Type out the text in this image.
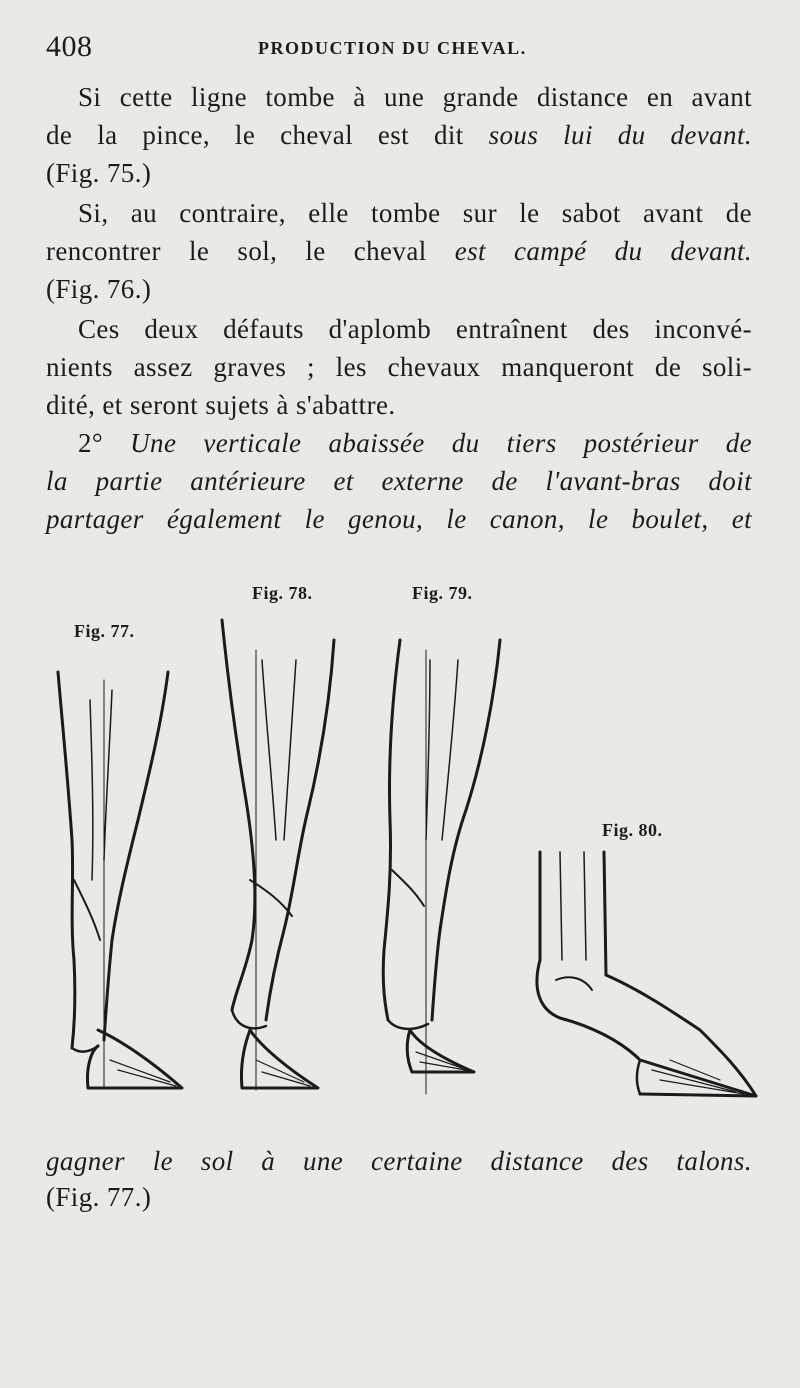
408	PRODUCTION DU CHEVAL.
Si cette ligne tombe à une grande distance en avant
de la pince, le cheval est dit sous lui du devant.
(Fig. 75.)
Si, au contraire, elle tombe sur le sabot avant de
rencontrer le sol, le cheval est campé du devant.
(Fig. 76.)
Ces deux défauts d'aplomb entraînent des inconvé-
nients assez graves ; les chevaux manqueront de soli-
dité, et seront sujets à s'abattre.
2° Une verticale abaissée du tiers postérieur de
la partie antérieure et externe de l'avant-bras doit
partager également le genou, le canon, le boulet, et
Fig. 77.
Fig. 78.	Fig. 79.
Fig. 80.
gagner le sol à une certaine distance des talons.
(Fig. 77.)
